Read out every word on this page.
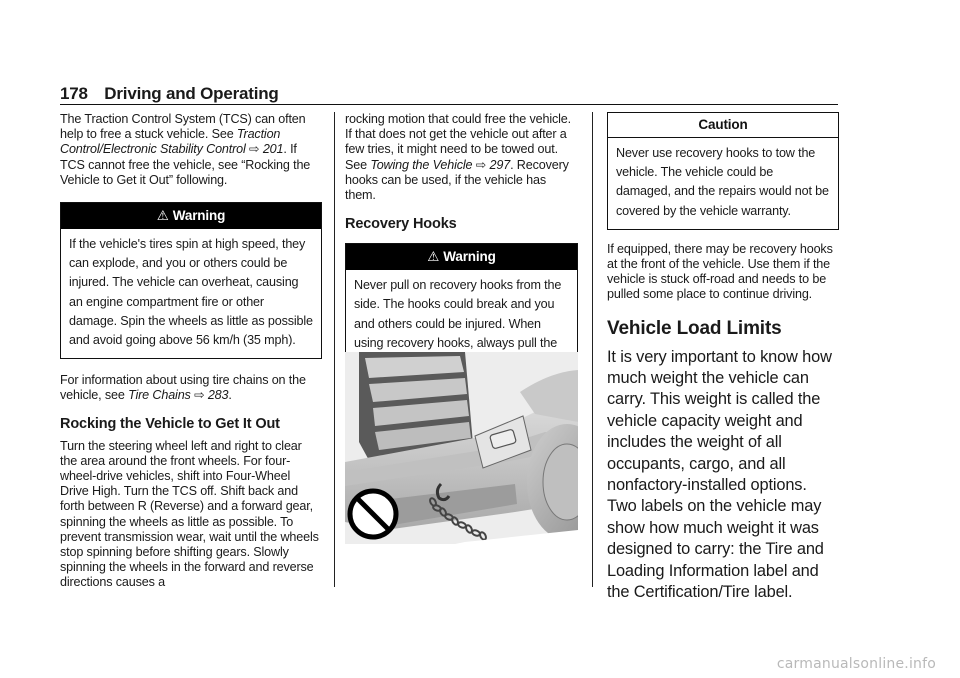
178 Driving and Operating

The Traction Control System (TCS) can often help to free a stuck vehicle. See Traction Control/Electronic Stability Control ⇨ 201. If TCS cannot free the vehicle, see “Rocking the Vehicle to Get it Out” following.

⚠ Warning
If the vehicle's tires spin at high speed, they can explode, and you or others could be injured. The vehicle can overheat, causing an engine compartment fire or other damage. Spin the wheels as little as possible and avoid going above 56 km/h (35 mph).

For information about using tire chains on the vehicle, see Tire Chains ⇨ 283.

Rocking the Vehicle to Get It Out

Turn the steering wheel left and right to clear the area around the front wheels. For four-wheel-drive vehicles, shift into Four-Wheel Drive High. Turn the TCS off. Shift back and forth between R (Reverse) and a forward gear, spinning the wheels as little as possible. To prevent transmission wear, wait until the wheels stop spinning before shifting gears. Slowly spinning the wheels in the forward and reverse directions causes a

rocking motion that could free the vehicle. If that does not get the vehicle out after a few tries, it might need to be towed out. See Towing the Vehicle ⇨ 297. Recovery hooks can be used, if the vehicle has them.

Recovery Hooks

⚠ Warning
Never pull on recovery hooks from the side. The hooks could break and you and others could be injured. When using recovery hooks, always pull the
Caution
Never use recovery hooks to tow the vehicle. The vehicle could be damaged, and the repairs would not be covered by the vehicle warranty.

If equipped, there may be recovery hooks at the front of the vehicle. Use them if the vehicle is stuck off-road and needs to be pulled some place to continue driving.

Vehicle Load Limits

It is very important to know how much weight the vehicle can carry. This weight is called the vehicle capacity weight and includes the weight of all occupants, cargo, and all nonfactory-installed options. Two labels on the vehicle may show how much weight it was designed to carry: the Tire and Loading Information label and the Certification/Tire label.

carmanualsonline.info
